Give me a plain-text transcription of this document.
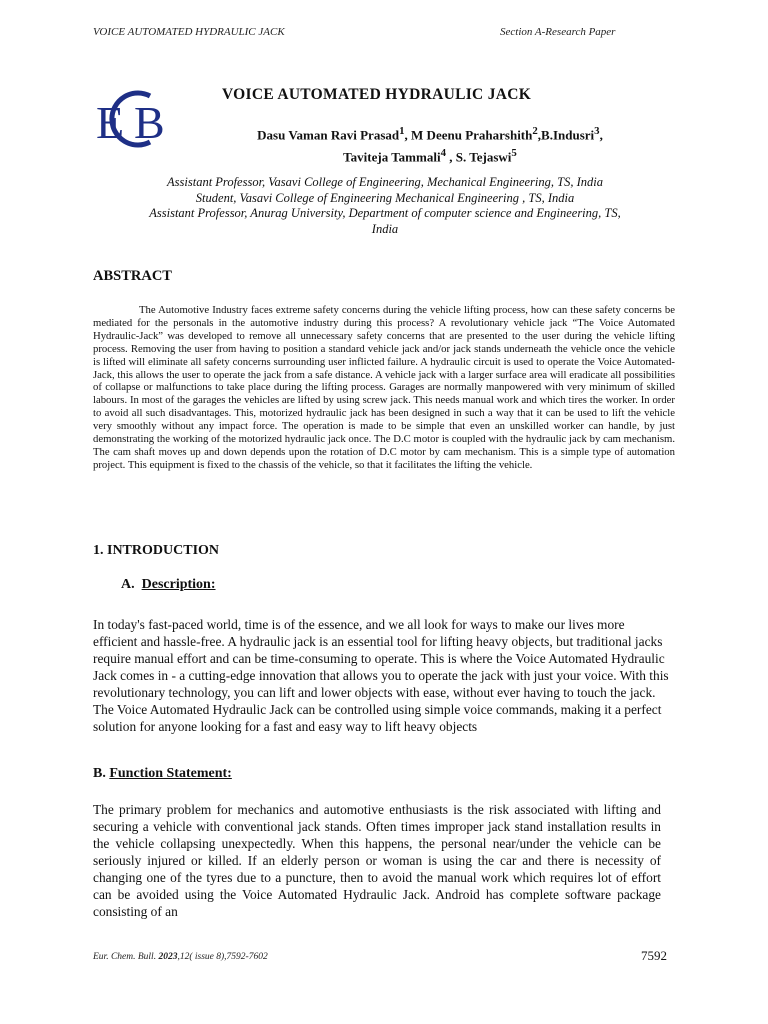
VOICE AUTOMATED HYDRAULIC JACK	Section A-Research Paper
E B
VOICE AUTOMATED HYDRAULIC JACK
Dasu Vaman Ravi Prasad$^1$, M Deenu Praharshith$^2$,B.Indusri$^3$,
Taviteja Tammali$^4$ , S. Tejaswi$^5$
Assistant Professor, Vasavi College of Engineering, Mechanical Engineering, TS, India
Student, Vasavi College of Engineering Mechanical Engineering , TS, India
Assistant Professor, Anurag University, Department of computer science and Engineering, TS,
India
ABSTRACT

The Automotive Industry faces extreme safety concerns during the vehicle lifting process, how can these safety concerns be mediated for the personals in the automotive industry during this process? A revolutionary vehicle jack “The Voice Automated Hydraulic-Jack” was developed to remove all unnecessary safety concerns that are presented to the user during the vehicle lifting process. Removing the user from having to position a standard vehicle jack and/or jack stands underneath the vehicle once the vehicle is lifted will eliminate all safety concerns surrounding user inflicted failure. A hydraulic circuit is used to operate the Voice Automated-Jack, this allows the user to operate the jack from a safe distance. A vehicle jack with a larger surface area will eradicate all possibilities of collapse or malfunctions to take place during the lifting process. Garages are normally manpowered with very minimum of skilled labours. In most of the garages the vehicles are lifted by using screw jack. This needs manual work and which tires the worker. In order to avoid all such disadvantages. This, motorized hydraulic jack has been designed in such a way that it can be used to lift the vehicle very smoothly without any impact force. The operation is made to be simple that even an unskilled worker can handle, by just demonstrating the working of the motorized hydraulic jack once. The D.C motor is coupled with the hydraulic jack by cam mechanism. The cam shaft moves up and down depends upon the rotation of D.C motor by cam mechanism. This is a simple type of automation project. This equipment is fixed to the chassis of the vehicle, so that it facilitates the lifting the vehicle.

1. INTRODUCTION
A. Description:

In today's fast-paced world, time is of the essence, and we all look for ways to make our lives more efficient and hassle-free. A hydraulic jack is an essential tool for lifting heavy objects, but traditional jacks require manual effort and can be time-consuming to operate. This is where the Voice Automated Hydraulic Jack comes in - a cutting-edge innovation that allows you to operate the jack with just your voice. With this revolutionary technology, you can lift and lower objects with ease, without ever having to touch the jack. The Voice Automated Hydraulic Jack can be controlled using simple voice commands, making it a perfect solution for anyone looking for a fast and easy way to lift heavy objects

B. Function Statement:

The primary problem for mechanics and automotive enthusiasts is the risk associated with lifting and securing a vehicle with conventional jack stands. Often times improper jack stand installation results in the vehicle collapsing unexpectedly. When this happens, the personal near/under the vehicle can be seriously injured or killed. If an elderly person or woman is using the car and there is necessity of changing one of the tyres due to a puncture, then to avoid the manual work which requires lot of effort can be avoided using the Voice Automated Hydraulic Jack. Android has complete software package consisting of an

Eur. Chem. Bull. 2023,12( issue 8),7592-7602	7592
